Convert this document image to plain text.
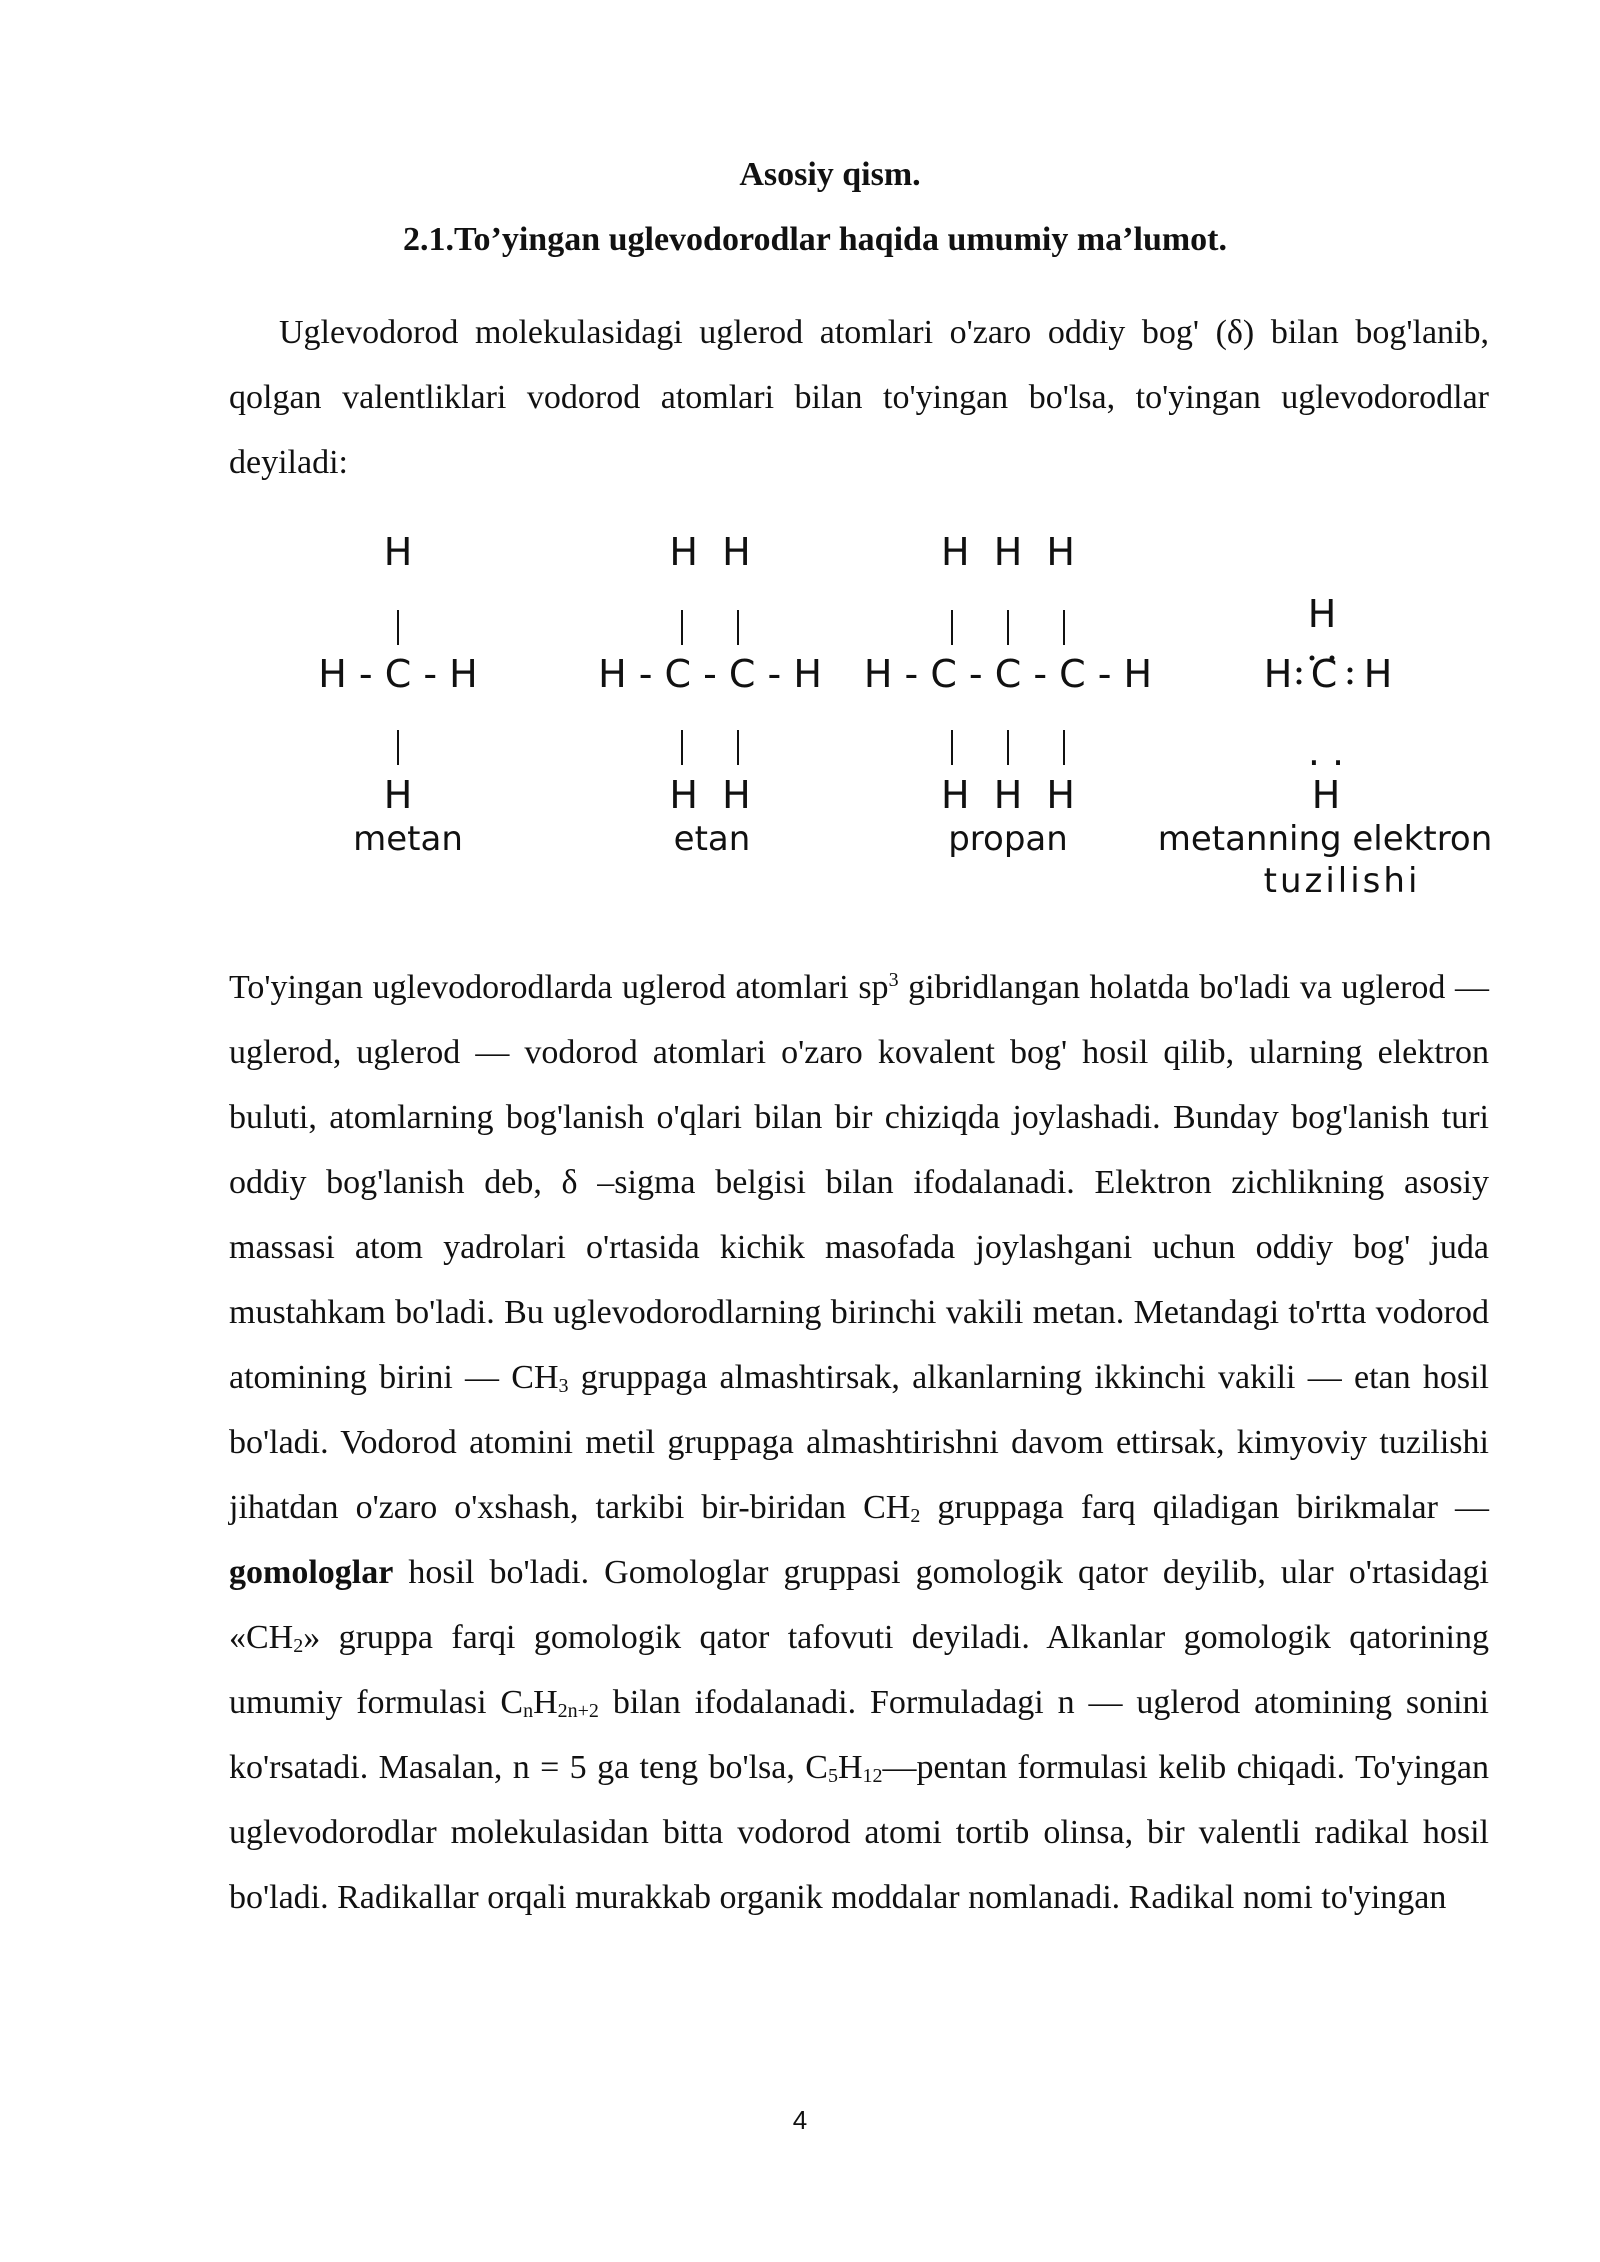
Asosiy qism.
2.1.To’yingan uglevodorodlar haqida umumiy ma’lumot.

Uglevodorod molekulasidagi uglerod atomlari o'zaro oddiy bog' (δ) bilan bog'lanib, qolgan valentliklari vodorod atomlari bilan to'yingan bo'lsa, to'yingan uglevodorodlar deyiladi:

H
H - C - H
H
metan
H  H
H - C - C - H
H  H
etan
H  H  H
H - C - C - C - H
H  H  H
propan
H
H C H
. .
H
metanning elektron
tuzilishi

To'yingan uglevodorodlarda uglerod atomlari $sp^3$ gibridlangan holatda bo'ladi va uglerod — uglerod, uglerod — vodorod atomlari o'zaro kovalent bog' hosil qilib, ularning elektron buluti, atomlarning bog'lanish o'qlari bilan bir chiziqda joylashadi. Bunday bog'lanish turi oddiy bog'lanish deb, δ –sigma belgisi bilan ifodalanadi. Elektron zichlikning asosiy massasi atom yadrolari o'rtasida kichik masofada joylashgani uchun oddiy bog' juda mustahkam bo'ladi. Bu uglevodorodlarning birinchi vakili metan. Metandagi to'rtta vodorod atomining birini — $CH_3$ gruppaga almashtirsak, alkanlarning ikkinchi vakili — etan hosil bo'ladi. Vodorod atomini metil gruppaga almashtirishni davom ettirsak, kimyoviy tuzilishi jihatdan o'zaro o'xshash, tarkibi bir-biridan $CH_2$ gruppaga farq qiladigan birikmalar — gomologlar hosil bo'ladi. Gomologlar gruppasi gomologik qator deyilib, ular o'rtasidagi «$CH_2$» gruppa farqi gomologik qator tafovuti deyiladi. Alkanlar gomologik qatorining umumiy formulasi $C_nH_{2n+2}$ bilan ifodalanadi. Formuladagi n — uglerod atomining sonini ko'rsatadi. Masalan, n = 5 ga teng bo'lsa, $C_5H_{12}—pentan$ formulasi kelib chiqadi. To'yingan uglevodorodlar molekulasidan bitta vodorod atomi tortib olinsa, bir valentli radikal hosil bo'ladi. Radikallar orqali murakkab organik moddalar nomlanadi. Radikal nomi to'yingan

4
